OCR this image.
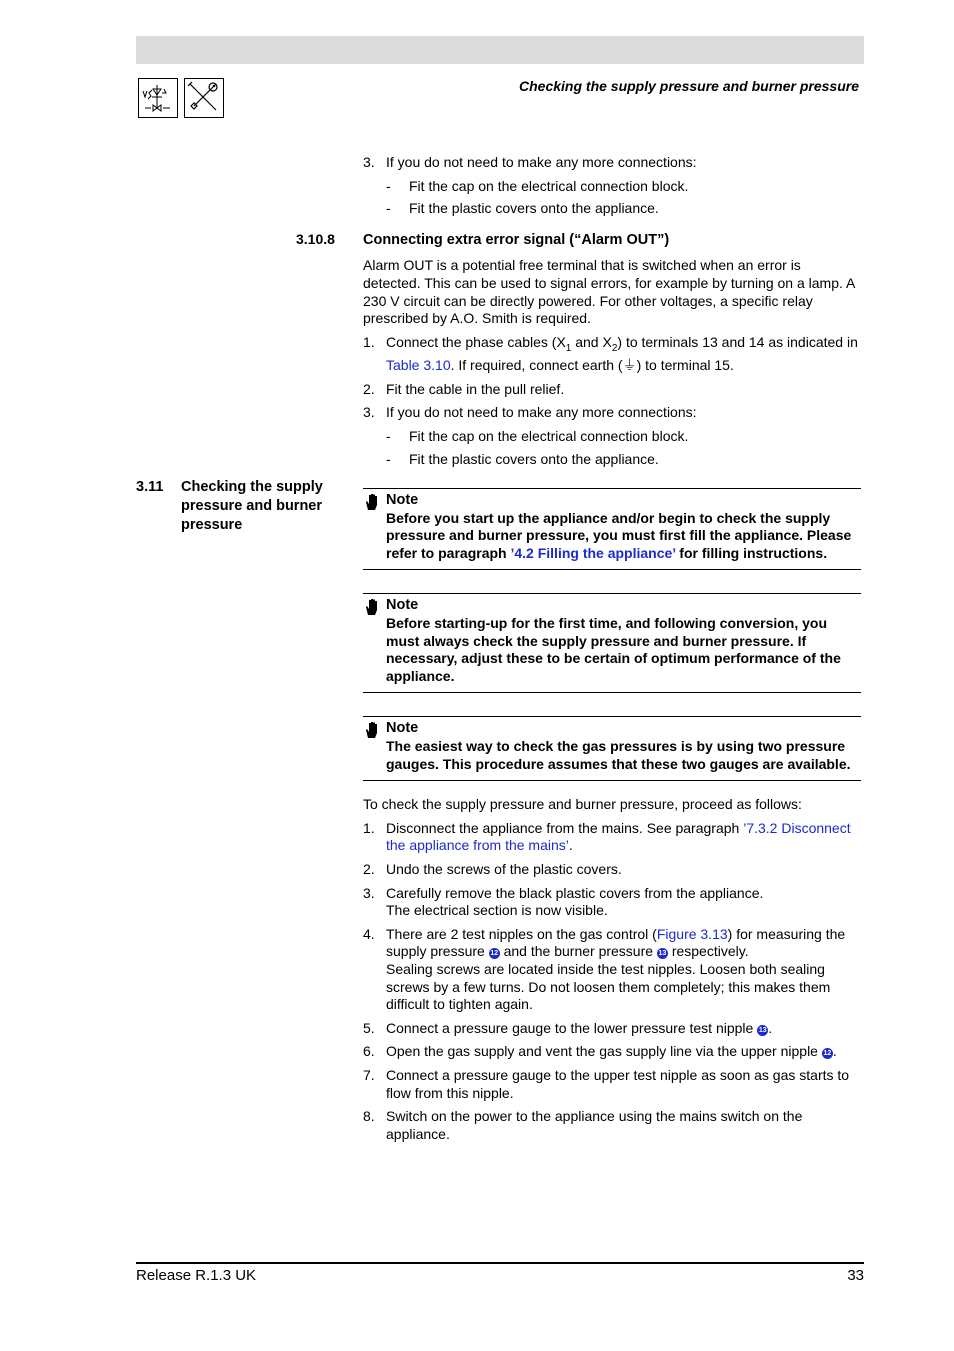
Checking the supply pressure and burner pressure
3. If you do not need to make any more connections:

- Fit the cap on the electrical connection block.

- Fit the plastic covers onto the appliance.

3.10.8 Connecting extra error signal (“Alarm OUT”)

Alarm OUT is a potential free terminal that is switched when an error is detected. This can be used to signal errors, for example by turning on a lamp. A 230 V circuit can be directly powered. For other voltages, a specific relay prescribed by A.O. Smith is required.

1. Connect the phase cables ($X_1$ and $X_2$) to terminals 13 and 14 as indicated in Table 3.10. If required, connect earth (⏚) to terminal 15.

2. Fit the cable in the pull relief.

3. If you do not need to make any more connections:

- Fit the cap on the electrical connection block.

- Fit the plastic covers onto the appliance.

Note

Before you start up the appliance and/or begin to check the supply pressure and burner pressure, you must first fill the appliance. Please refer to paragraph ’4.2 Filling the appliance’ for filling instructions.

Note

Before starting-up for the first time, and following conversion, you must always check the supply pressure and burner pressure. If necessary, adjust these to be certain of optimum performance of the appliance.

Note

The easiest way to check the gas pressures is by using two pressure gauges. This procedure assumes that these two gauges are available.

To check the supply pressure and burner pressure, proceed as follows:

1. Disconnect the appliance from the mains. See paragraph ’7.3.2 Disconnect the appliance from the mains’.

2. Undo the screws of the plastic covers.

3. Carefully remove the black plastic covers from the appliance.
The electrical section is now visible.

4. There are 2 test nipples on the gas control (Figure 3.13) for measuring the supply pressure 12 and the burner pressure 13 respectively.
Sealing screws are located inside the test nipples. Loosen both sealing screws by a few turns. Do not loosen them completely; this makes them difficult to tighten again.

5. Connect a pressure gauge to the lower pressure test nipple 13 .

6. Open the gas supply and vent the gas supply line via the upper nipple 12 .

7. Connect a pressure gauge to the upper test nipple as soon as gas starts to flow from this nipple.

8. Switch on the power to the appliance using the mains switch on the appliance.

3.11 Checking the supply pressure and burner pressure
Release R.1.3 UK	33
